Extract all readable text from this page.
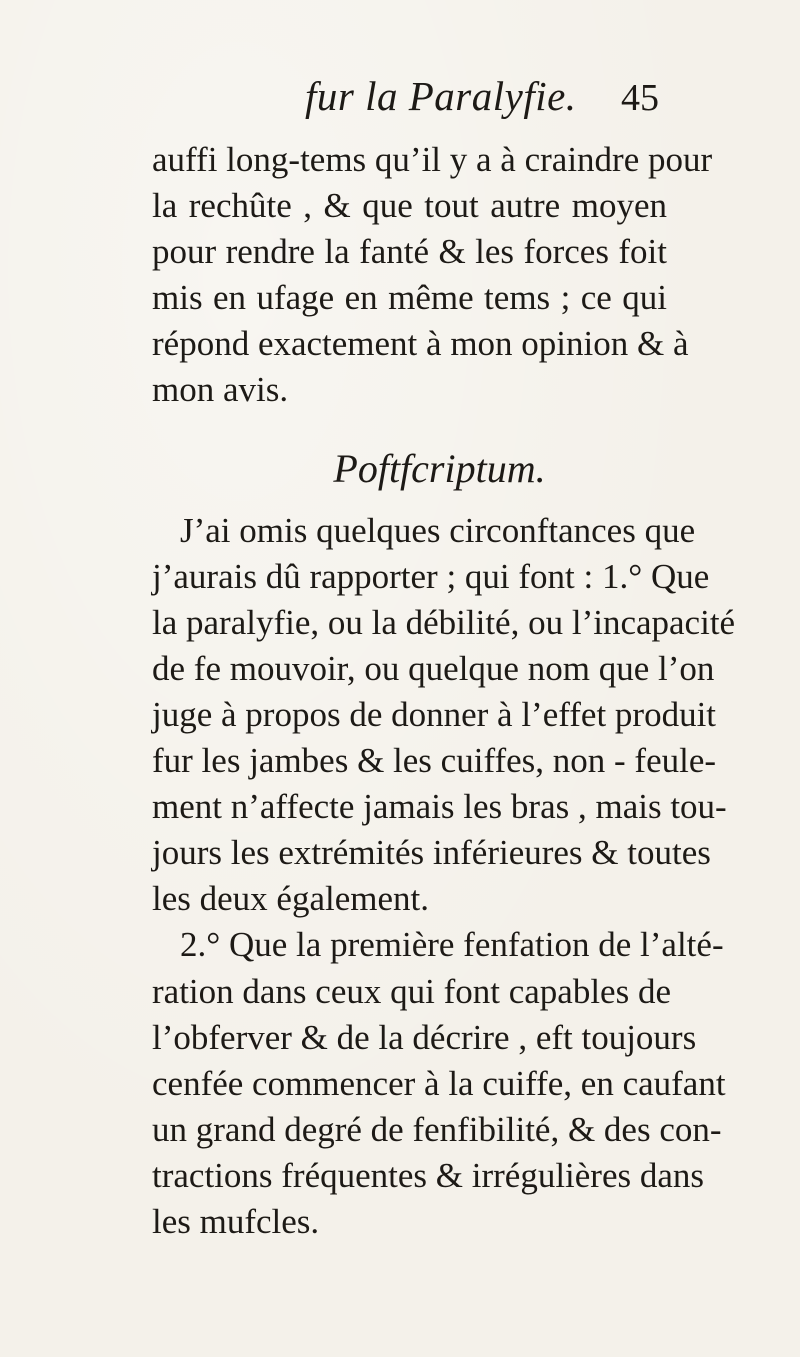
fur la Paralyfie. 45
auffi long-tems qu’il y a à craindre pour
la rechûte , & que tout autre moyen
pour rendre la fanté & les forces foit
mis en ufage en même tems ; ce qui
répond exactement à mon opinion & à
mon avis.
Poftfcriptum.
J’ai omis quelques circonftances que
j’aurais dû rapporter ; qui font : 1.° Que
la paralyfie, ou la débilité, ou l’incapacité
de fe mouvoir, ou quelque nom que l’on
juge à propos de donner à l’effet produit
fur les jambes & les cuiffes, non - feule-
ment n’affecte jamais les bras , mais tou-
jours les extrémités inférieures & toutes
les deux également.
2.° Que la première fenfation de l’alté-
ration dans ceux qui font capables de
l’obferver & de la décrire , eft toujours
cenfée commencer à la cuiffe, en caufant
un grand degré de fenfibilité, & des con-
tractions fréquentes & irrégulières dans
les mufcles.
